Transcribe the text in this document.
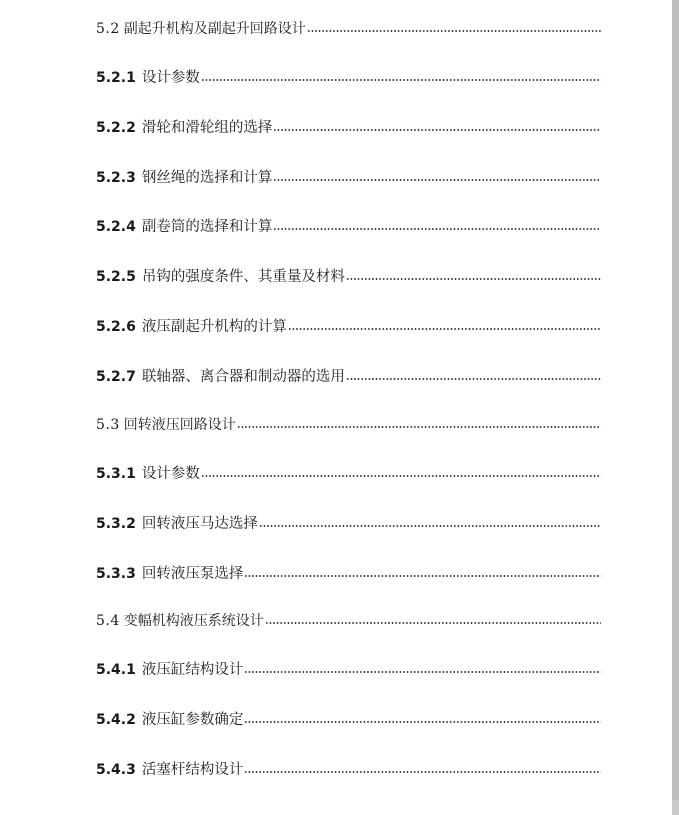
5.2 副起升机构及副起升回路设计
5.2.1 设计参数
5.2.2 滑轮和滑轮组的选择
5.2.3 钢丝绳的选择和计算
5.2.4 副卷筒的选择和计算
5.2.5 吊钩的强度条件、其重量及材料
5.2.6 液压副起升机构的计算
5.2.7 联轴器、离合器和制动器的选用
5.3 回转液压回路设计
5.3.1 设计参数
5.3.2 回转液压马达选择
5.3.3 回转液压泵选择
5.4 变幅机构液压系统设计
5.4.1 液压缸结构设计
5.4.2 液压缸参数确定
5.4.3 活塞杆结构设计
